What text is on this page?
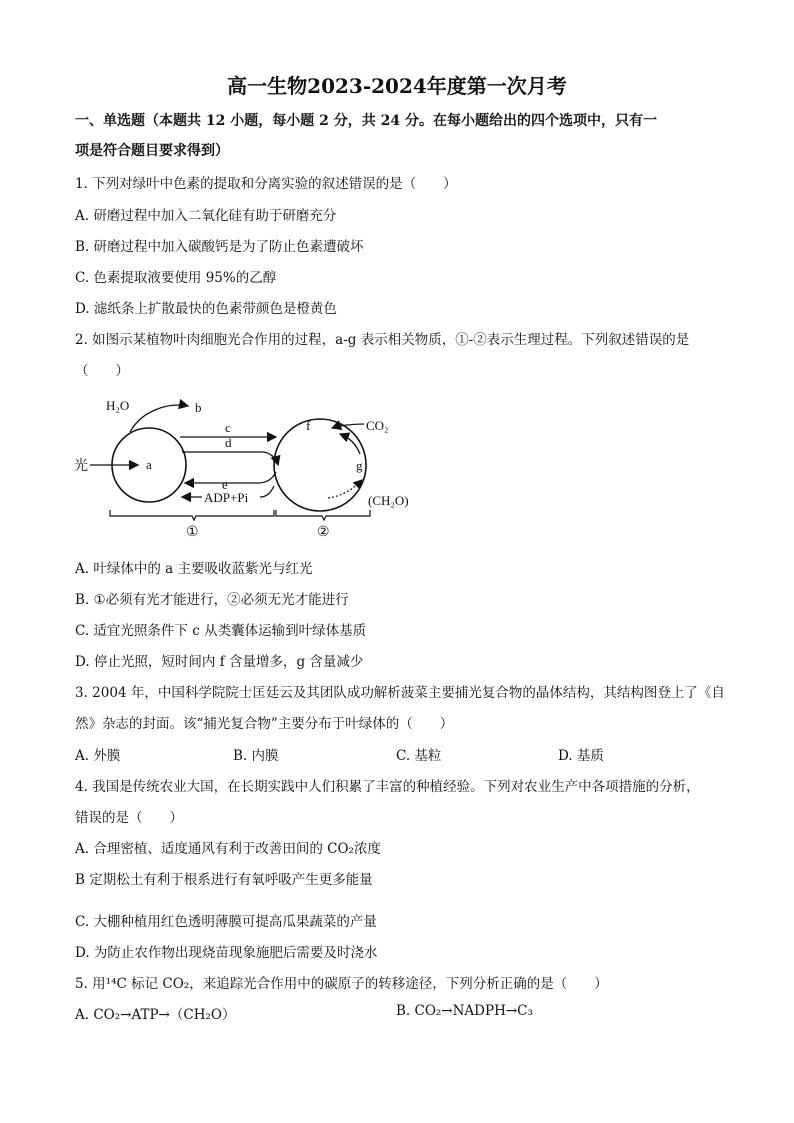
高一生物2023-2024年度第一次月考
一、单选题（本题共 12 小题，每小题 2 分，共 24 分。在每小题给出的四个选项中，只有一
项是符合题目要求得到）
1. 下列对绿叶中色素的提取和分离实验的叙述错误的是（　　）
A. 研磨过程中加入二氧化硅有助于研磨充分
B. 研磨过程中加入碳酸钙是为了防止色素遭破坏
C. 色素提取液要使用 95%的乙醇
D. 滤纸条上扩散最快的色素带颜色是橙黄色
2. 如图示某植物叶肉细胞光合作用的过程，a-g 表示相关物质，①-②表示生理过程。下列叙述错误的是
（　　）
光	a
H₂O	b
c
d
e
ADP+Pi
f	CO₂
g
(CH₂O)
①	②
A. 叶绿体中的 a 主要吸收蓝紫光与红光
B. ①必须有光才能进行，②必须无光才能进行
C. 适宜光照条件下 c 从类囊体运输到叶绿体基质
D. 停止光照，短时间内 f 含量增多，g 含量减少
3. 2004 年，中国科学院院士匡廷云及其团队成功解析菠菜主要捕光复合物的晶体结构，其结构图登上了《自
然》杂志的封面。该“捕光复合物”主要分布于叶绿体的（　　）
A. 外膜	B. 内膜	C. 基粒	D. 基质
4. 我国是传统农业大国，在长期实践中人们积累了丰富的种植经验。下列对农业生产中各项措施的分析，
错误的是（　　）
A. 合理密植、适度通风有利于改善田间的 CO₂浓度
B 定期松土有利于根系进行有氧呼吸产生更多能量
C. 大棚种植用红色透明薄膜可提高瓜果蔬菜的产量
D. 为防止农作物出现烧苗现象施肥后需要及时浇水
5. 用¹⁴C 标记 CO₂，来追踪光合作用中的碳原子的转移途径，下列分析正确的是（　　）
A. CO₂→ATP→（CH₂O）	B. CO₂→NADPH→C₃
